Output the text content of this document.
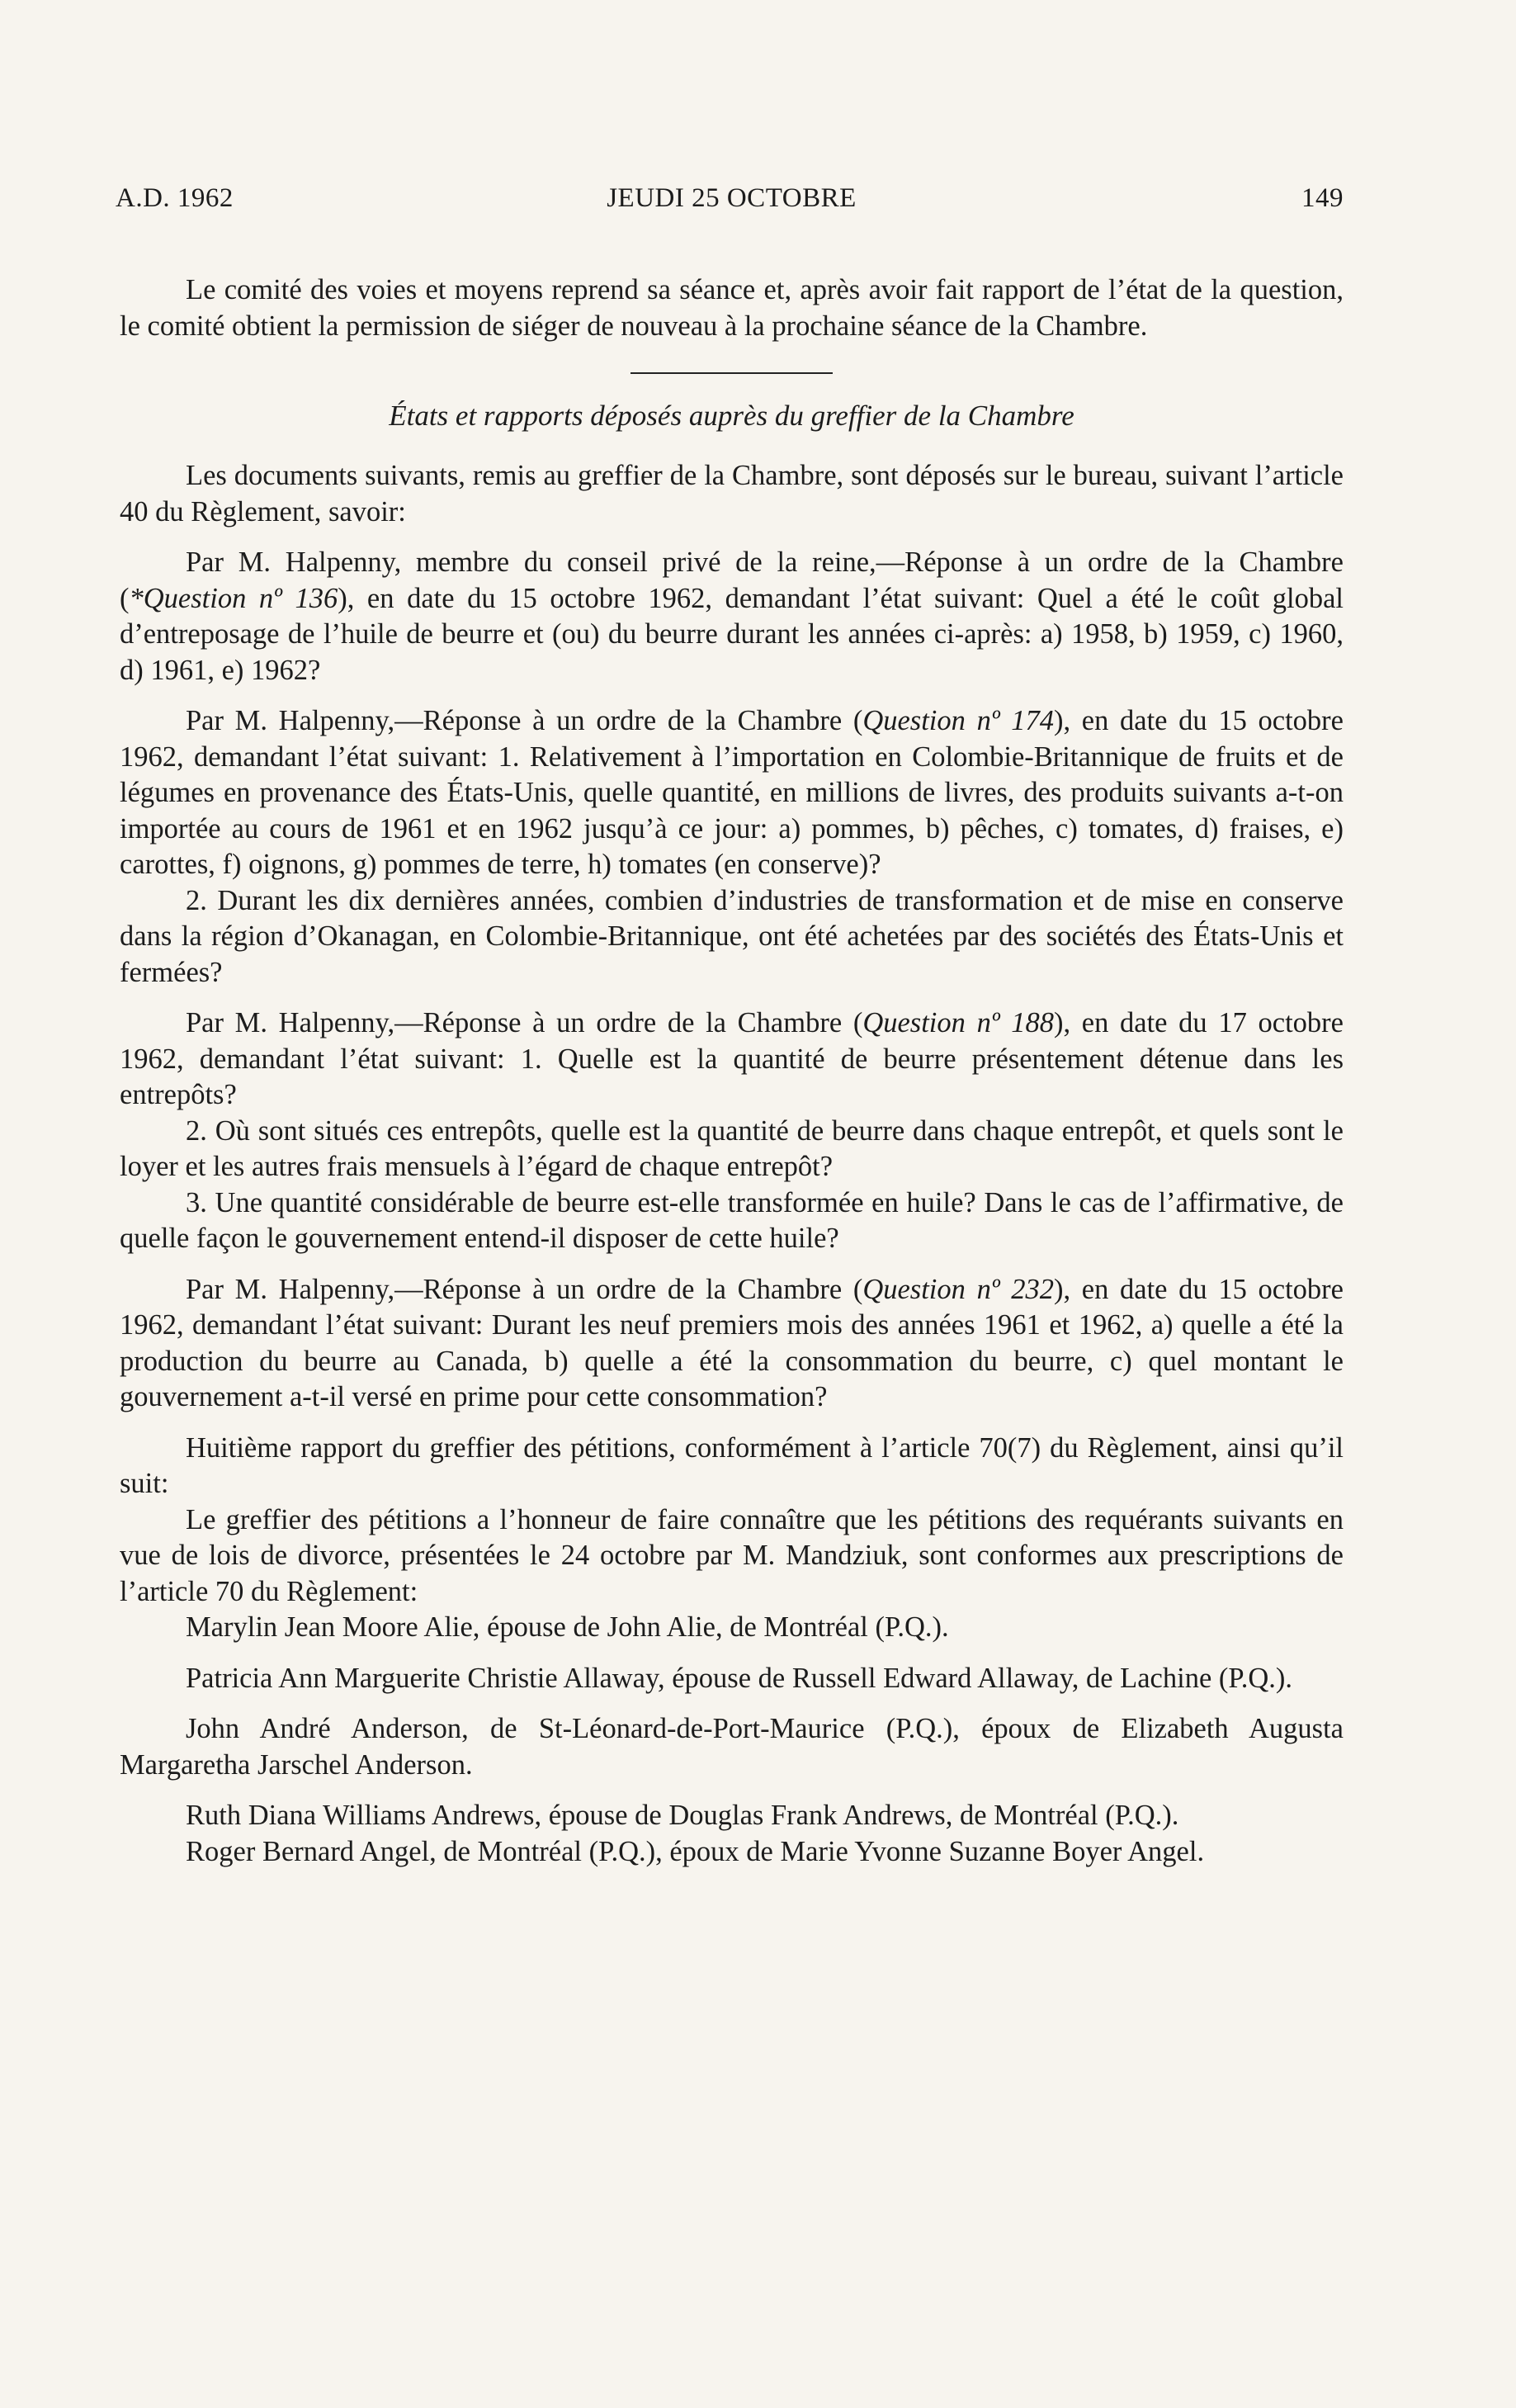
A.D. 1962	JEUDI 25 OCTOBRE	149

Le comité des voies et moyens reprend sa séance et, après avoir fait rapport de l’état de la question, le comité obtient la permission de siéger de nouveau à la prochaine séance de la Chambre.

États et rapports déposés auprès du greffier de la Chambre

Les documents suivants, remis au greffier de la Chambre, sont déposés sur le bureau, suivant l’article 40 du Règlement, savoir:

Par M. Halpenny, membre du conseil privé de la reine,—Réponse à un ordre de la Chambre (*Question nº 136), en date du 15 octobre 1962, demandant l’état suivant: Quel a été le coût global d’entreposage de l’huile de beurre et (ou) du beurre durant les années ci-après: a) 1958, b) 1959, c) 1960, d) 1961, e) 1962?

Par M. Halpenny,—Réponse à un ordre de la Chambre (Question nº 174), en date du 15 octobre 1962, demandant l’état suivant: 1. Relativement à l’importation en Colombie-Britannique de fruits et de légumes en provenance des États-Unis, quelle quantité, en millions de livres, des produits suivants a-t-on importée au cours de 1961 et en 1962 jusqu’à ce jour: a) pommes, b) pêches, c) tomates, d) fraises, e) carottes, f) oignons, g) pommes de terre, h) tomates (en conserve)?

2. Durant les dix dernières années, combien d’industries de transformation et de mise en conserve dans la région d’Okanagan, en Colombie-Britannique, ont été achetées par des sociétés des États-Unis et fermées?

Par M. Halpenny,—Réponse à un ordre de la Chambre (Question nº 188), en date du 17 octobre 1962, demandant l’état suivant: 1. Quelle est la quantité de beurre présentement détenue dans les entrepôts?

2. Où sont situés ces entrepôts, quelle est la quantité de beurre dans chaque entrepôt, et quels sont le loyer et les autres frais mensuels à l’égard de chaque entrepôt?

3. Une quantité considérable de beurre est-elle transformée en huile? Dans le cas de l’affirmative, de quelle façon le gouvernement entend-il disposer de cette huile?

Par M. Halpenny,—Réponse à un ordre de la Chambre (Question nº 232), en date du 15 octobre 1962, demandant l’état suivant: Durant les neuf premiers mois des années 1961 et 1962, a) quelle a été la production du beurre au Canada, b) quelle a été la consommation du beurre, c) quel montant le gouvernement a-t-il versé en prime pour cette consommation?

Huitième rapport du greffier des pétitions, conformément à l’article 70(7) du Règlement, ainsi qu’il suit:

Le greffier des pétitions a l’honneur de faire connaître que les pétitions des requérants suivants en vue de lois de divorce, présentées le 24 octobre par M. Mandziuk, sont conformes aux prescriptions de l’article 70 du Règlement:

Marylin Jean Moore Alie, épouse de John Alie, de Montréal (P.Q.).

Patricia Ann Marguerite Christie Allaway, épouse de Russell Edward Allaway, de Lachine (P.Q.).

John André Anderson, de St-Léonard-de-Port-Maurice (P.Q.), époux de Elizabeth Augusta Margaretha Jarschel Anderson.

Ruth Diana Williams Andrews, épouse de Douglas Frank Andrews, de Montréal (P.Q.).

Roger Bernard Angel, de Montréal (P.Q.), époux de Marie Yvonne Suzanne Boyer Angel.
